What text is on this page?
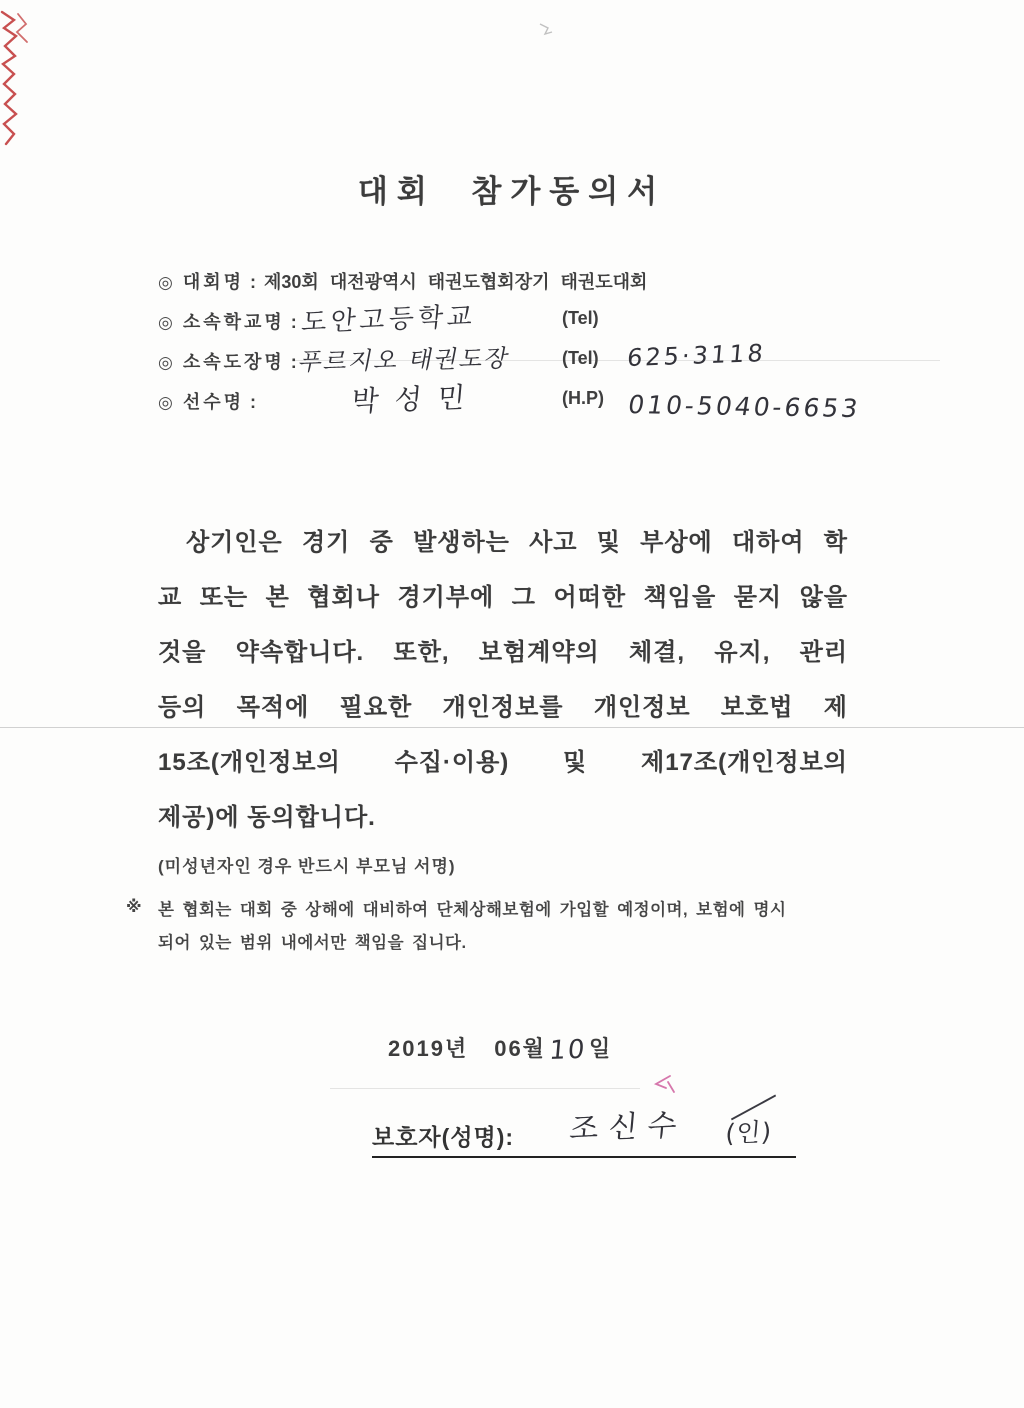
대회 참가동의서
◎ 대회명 : 제30회 대전광역시 태권도협회장기 태권도대회
◎ 소속학교명 : 도안고등학교	(Tel)
◎ 소속도장명 : 푸르지오 태권도장	(Tel) 625·3118
◎ 선수명 :	박성민	(H.P) 010-5040-6653
상기인은 경기 중 발생하는 사고 및 부상에 대하여 학
교 또는 본 협회나 경기부에 그 어떠한 책임을 묻지 않을
것을 약속합니다. 또한, 보험계약의 체결, 유지, 관리
등의 목적에 필요한 개인정보를 개인정보 보호법 제
15조(개인정보의 수집·이용) 및 제17조(개인정보의
제공)에 동의합니다.
(미성년자인 경우 반드시 부모님 서명)
※ 본 협회는 대회 중 상해에 대비하여 단체상해보험에 가입할 예정이며, 보험에 명시
되어 있는 범위 내에서만 책임을 집니다.
2019년 06월10일
보호자(성명): 조신수 (인)
